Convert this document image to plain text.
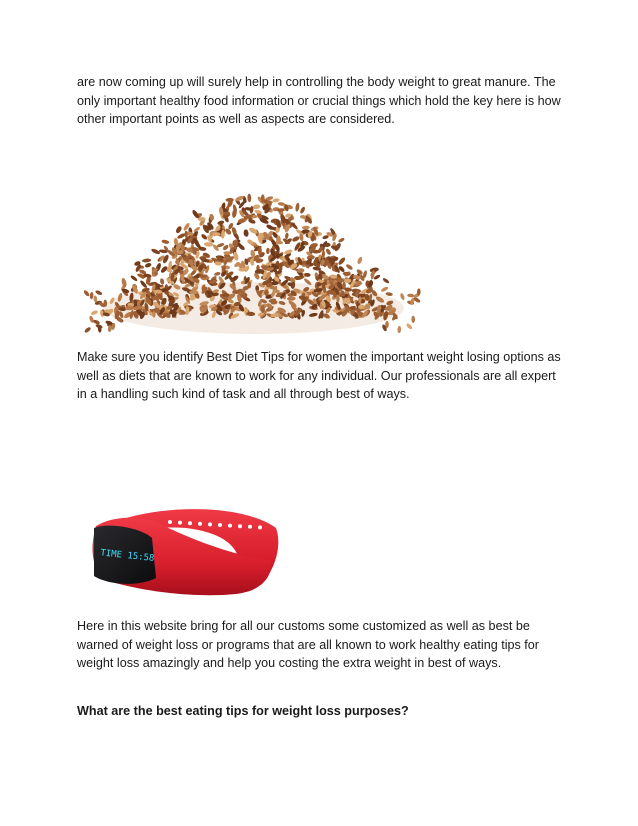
are now coming up will surely help in controlling the body weight to great manure. The only important healthy food information or crucial things which hold the key here is how other important points as well as aspects are considered.

Make sure you identify Best Diet Tips for women the important weight losing options as well as diets that are known to work for any individual. Our professionals are all expert in a handling such kind of task and all through best of ways.

TIME 15:58

Here in this website bring for all our customs some customized as well as best be warned of weight loss or programs that are all known to work healthy eating tips for weight loss amazingly and help you costing the extra weight in best of ways.

What are the best eating tips for weight loss purposes?
